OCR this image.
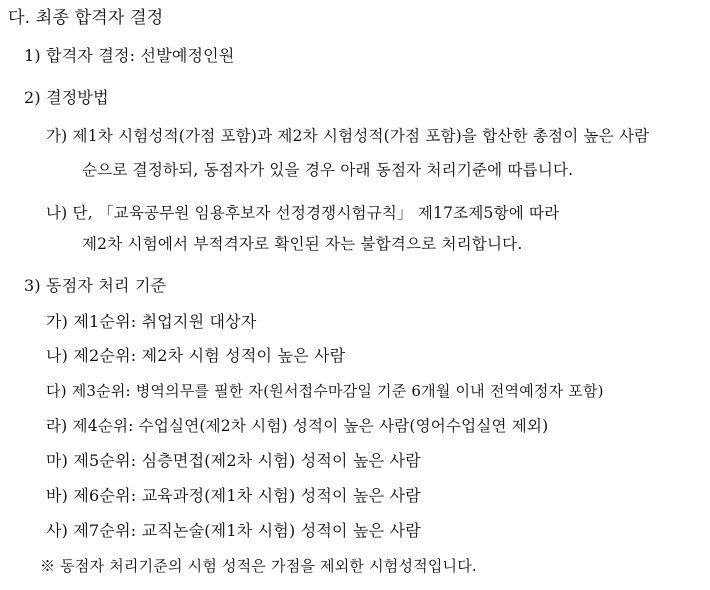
다. 최종 합격자 결정
1) 합격자 결정: 선발예정인원
2) 결정방법
가) 제1차 시험성적(가점 포함)과 제2차 시험성적(가점 포함)을 합산한 총점이 높은 사람
순으로 결정하되, 동점자가 있을 경우 아래 동점자 처리기준에 따릅니다.
나) 단, 「교육공무원 임용후보자 선정경쟁시험규칙」 제17조제5항에 따라
제2차 시험에서 부적격자로 확인된 자는 불합격으로 처리합니다.
3) 동점자 처리 기준
가) 제1순위: 취업지원 대상자
나) 제2순위: 제2차 시험 성적이 높은 사람
다) 제3순위: 병역의무를 필한 자(원서접수마감일 기준 6개월 이내 전역예정자 포함)
라) 제4순위: 수업실연(제2차 시험) 성적이 높은 사람(영어수업실연 제외)
마) 제5순위: 심층면접(제2차 시험) 성적이 높은 사람
바) 제6순위: 교육과정(제1차 시험) 성적이 높은 사람
사) 제7순위: 교직논술(제1차 시험) 성적이 높은 사람
※ 동점자 처리기준의 시험 성적은 가점을 제외한 시험성적입니다.
